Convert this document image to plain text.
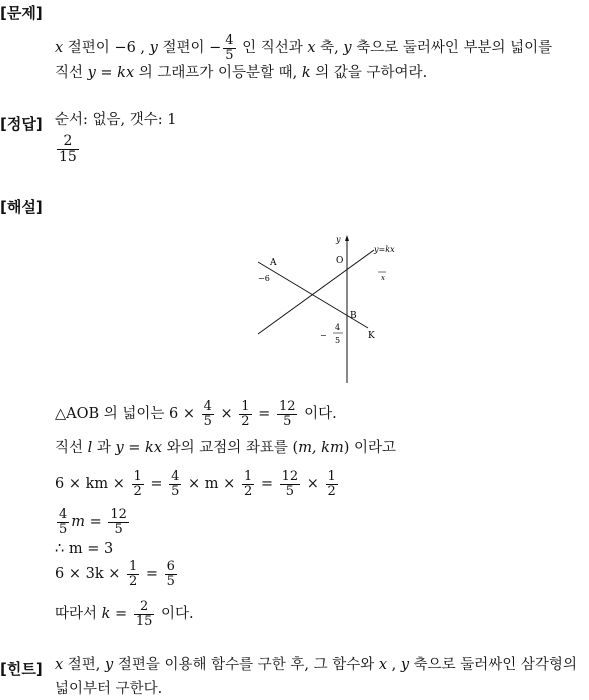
[문제]
[정답]
[해설]
[힌트]
x 절편이 −6 , y 절편이 − $\frac{4}{5}$ 인 직선과 x 축, y 축으로 둘러싸인 부분의 넓이를
직선 y = kx 의 그래프가 이등분할 때, k 의 값을 구하여라.
순서: 없음, 갯수: 1
$\frac{2}{15}$
y
y=kx
O
x
A
−6
B
K
−
4
5
△AOB 의 넓이는 $6 \times \frac{4}{5} \times \frac{1}{2} = \frac{12}{5}$ 이다.
직선 l 과 y = kx 와의 교점의 좌표를 (m, km) 이라고
6 × km × $\frac{1}{2} = \frac{4}{5} \times m \times \frac{1}{2} = \frac{12}{5} \times \frac{1}{2}$
$\frac{4}{5}$ $m = \frac{12}{5}$
∴ m = 3
$6 \times 3k \times \frac{1}{2} = \frac{6}{5}$
따라서 $k = \frac{2}{15}$ 이다.
x 절편, y 절편을 이용해 함수를 구한 후, 그 함수와 x , y 축으로 둘러싸인 삼각형의
넓이부터 구한다.
